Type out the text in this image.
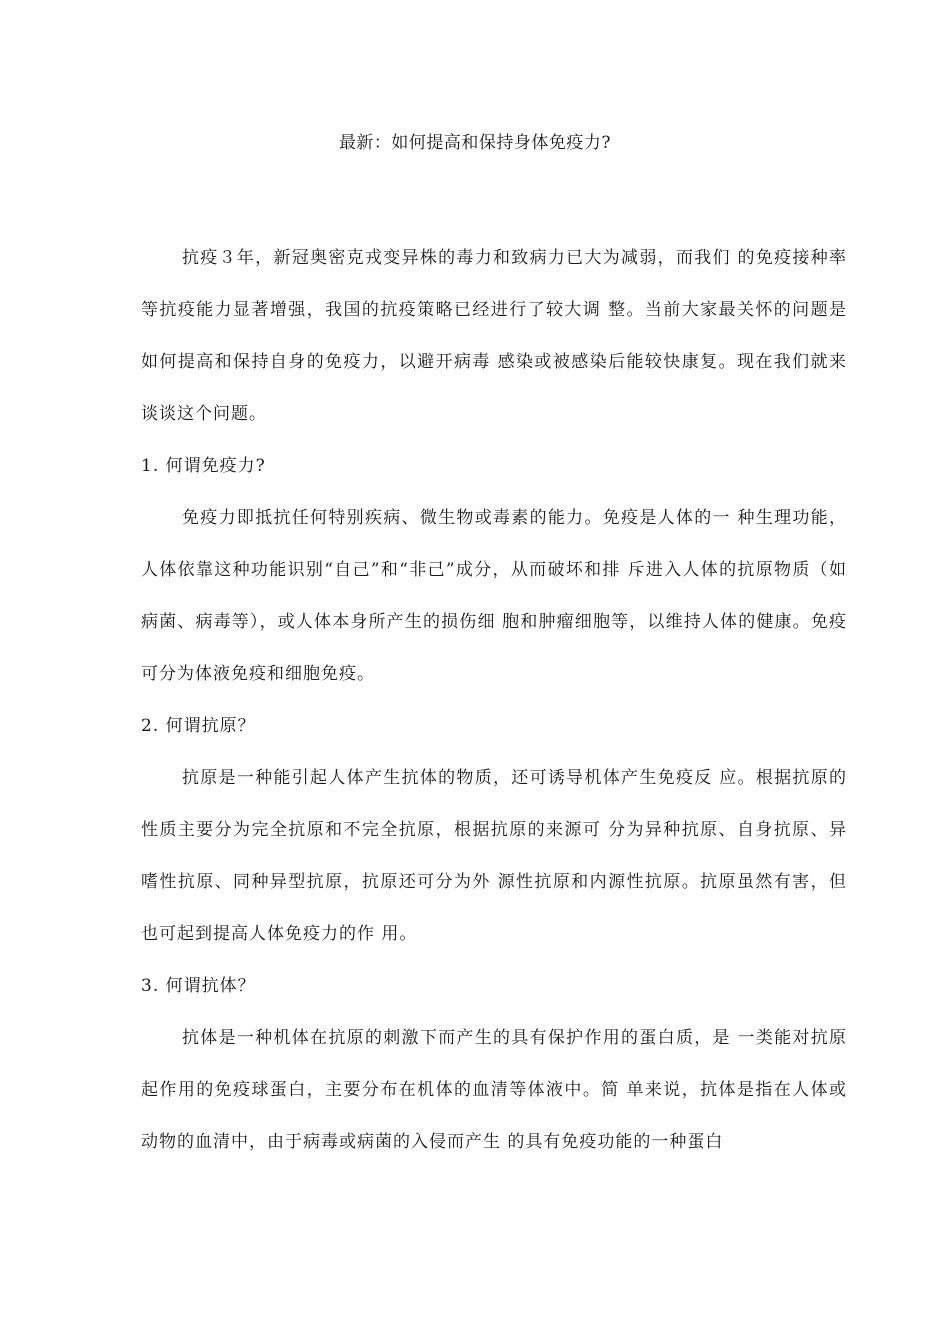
最新：如何提高和保持身体免疫力?

抗疫３年，新冠奥密克戎变异株的毒力和致病力已大为减弱，而我们 的免疫接种率等抗疫能力显著增强，我国的抗疫策略已经进行了较大调 整。当前大家最关怀的问题是如何提高和保持自身的免疫力，以避开病毒 感染或被感染后能较快康复。现在我们就来谈谈这个问题。

1. 何谓免疫力?

免疫力即抵抗任何特别疾病、微生物或毒素的能力。免疫是人体的一 种生理功能，人体依靠这种功能识别“自己”和“非己”成分，从而破坏和排 斥进入人体的抗原物质（如病菌、病毒等），或人体本身所产生的损伤细 胞和肿瘤细胞等，以维持人体的健康。免疫可分为体液免疫和细胞免疫。

2. 何谓抗原？

抗原是一种能引起人体产生抗体的物质，还可诱导机体产生免疫反 应。根据抗原的性质主要分为完全抗原和不完全抗原，根据抗原的来源可 分为异种抗原、自身抗原、异嗜性抗原、同种异型抗原，抗原还可分为外 源性抗原和内源性抗原。抗原虽然有害，但也可起到提高人体免疫力的作 用。

3. 何谓抗体？

抗体是一种机体在抗原的刺激下而产生的具有保护作用的蛋白质，是 一类能对抗原起作用的免疫球蛋白，主要分布在机体的血清等体液中。简 单来说，抗体是指在人体或动物的血清中，由于病毒或病菌的入侵而产生 的具有免疫功能的一种蛋白
